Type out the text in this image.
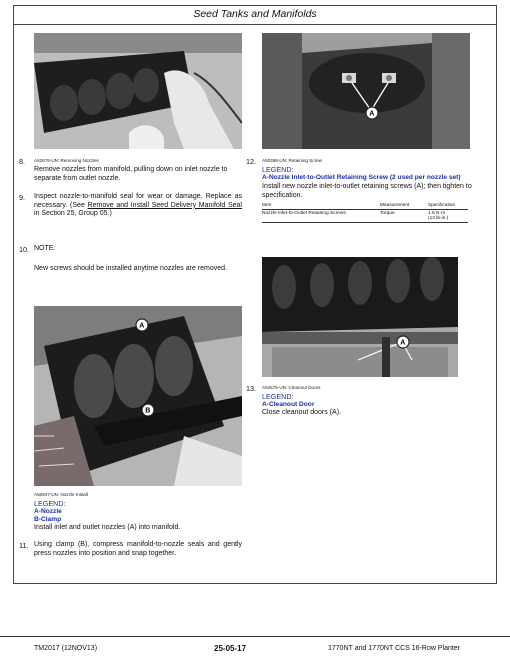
Seed Tanks and Manifolds
A
8. A52678-UN: Removing Nozzles
Remove nozzles from manifold, pulling down on inlet nozzle to separate from outlet nozzle.
9. Inspect nozzle-to-manifold seal for wear or damage. Replace as necessary. (See Remove and Install Seed Delivery Manifold Seal in Section 25, Group 05.)
12. A50398-UN: Retaining Screw
LEGEND:
A-Nozzle Inlet-to-Outlet Retaining Screw (2 used per nozzle set)
Install new nozzle inlet-to-outlet retaining screws (A); then tighten to specification.
Item	Measurement	Specification
Nozzle Inlet-to-Outlet Retaining Screws	Torque	1.5 N·m
(13 lb-in.)
10. NOTE:
New screws should be installed anytime nozzles are removed.
A
B
A50947-UN: Nozzle Install
LEGEND:
A-Nozzle
B-Clamp
Install inlet and outlet nozzles (A) into manifold.
11. Using clamp (B), compress manifold-to-nozzle seals and gently press nozzles into position and snap together.
A
13. A52675-UN: Cleanout Doors
LEGEND:
A-Cleanout Door
Close cleanout doors (A).
TM2017 (12NOV13)	25-05-17	1770NT and 1770NT CCS 16-Row Planter
